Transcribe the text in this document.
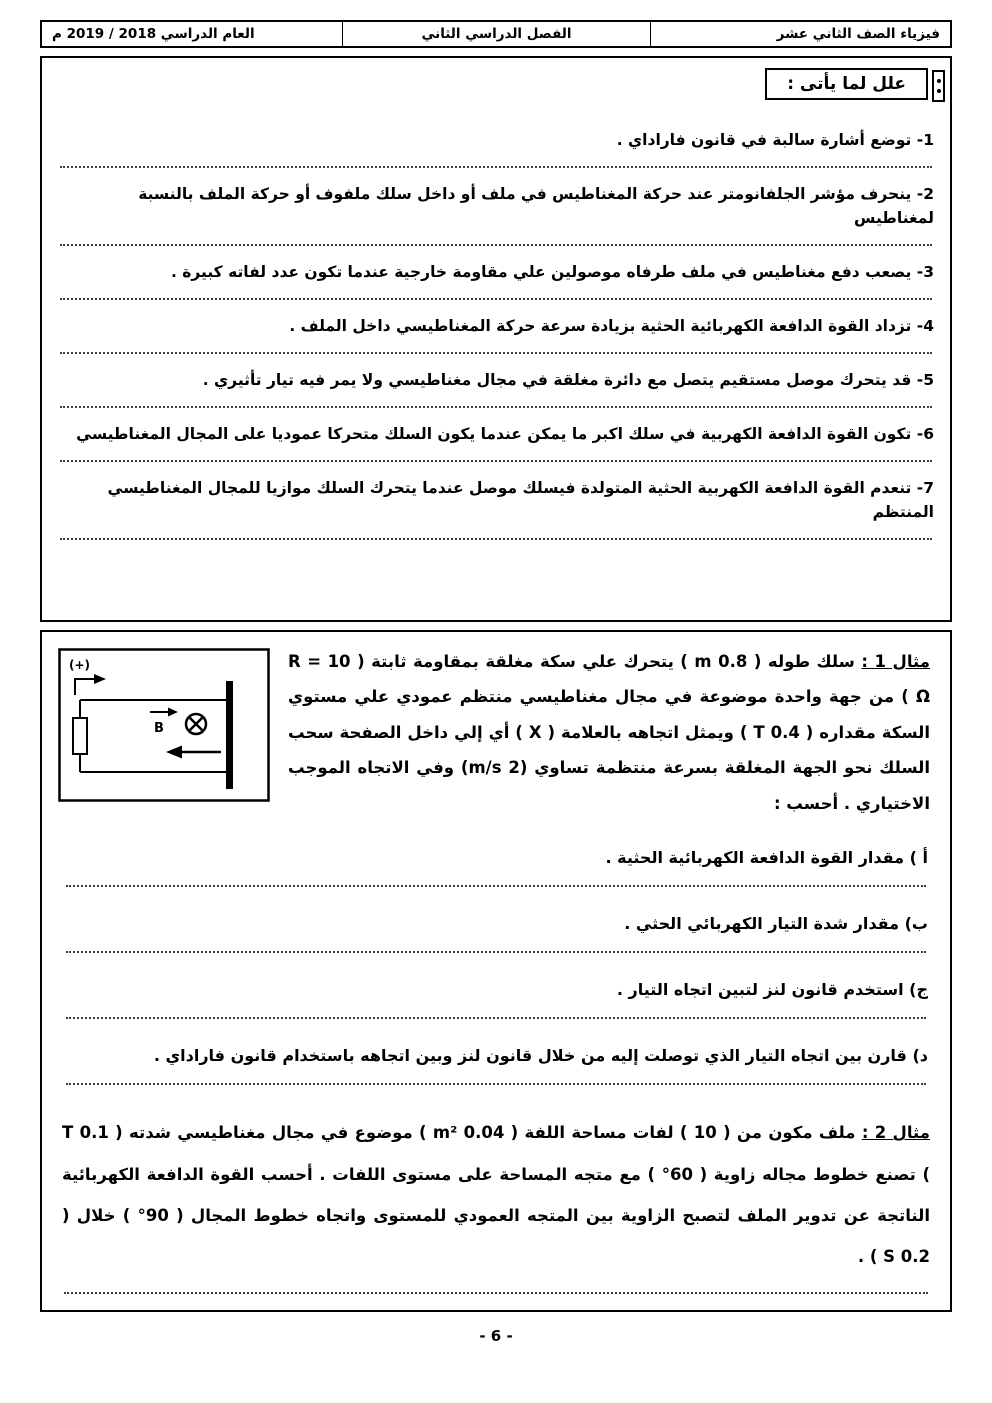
فيزياء الصف الثاني عشر
الفصل الدراسي الثاني
العام الدراسي 2018 / 2019 م
علل لما يأتى :
1- توضع أشارة سالبة في قانون فاراداي .
2- ينحرف مؤشر الجلفانومتر عند حركة المغناطيس في ملف أو داخل سلك ملفوف أو حركة الملف بالنسبة لمغناطيس
3- يصعب دفع مغناطيس في ملف طرفاه موصولين علي مقاومة خارجية عندما تكون عدد لفاته كبيرة .
4- تزداد القوة الدافعة الكهربائية الحثية بزيادة سرعة حركة المغناطيسي داخل الملف .
5- قد يتحرك موصل مستقيم يتصل مع دائرة مغلقة في مجال مغناطيسي ولا يمر فيه تيار تأثيري .
6- تكون القوة الدافعة الكهربية في سلك اكبر ما يمكن عندما يكون السلك متحركا عموديا على المجال المغناطيسي
7- تنعدم القوة الدافعة الكهربية الحثية المتولدة فيسلك موصل عندما يتحرك السلك موازيا للمجال المغناطيسي المنتظم
(+)
B

مثال 1 : سلك طوله ( 0.8 m ) يتحرك علي سكة مغلقة بمقاومة ثابتة ( R = 10 Ω ) من جهة واحدة موضوعة في مجال مغناطيسي منتظم عمودي علي مستوي السكة مقداره ( 0.4 T ) ويمثل اتجاهه بالعلامة ( X ) أي إلي داخل الصفحة سحب السلك نحو الجهة المغلقة بسرعة منتظمة تساوي (2 m/s) وفي الاتجاه الموجب الاختياري . أحسب :

أ ) مقدار القوة الدافعة الكهربائية الحثية .
ب) مقدار شدة التيار الكهربائي الحثي .
ج) استخدم قانون لنز لتبين اتجاه التيار .
د) قارن بين اتجاه التيار الذي توصلت إليه من خلال قانون لنز وبين اتجاهه باستخدام قانون فاراداي .

مثال 2 : ملف مكون من ( 10 ) لفات مساحة اللفة ( 0.04 m² ) موضوع في مجال مغناطيسي شدته ( 0.1 T ) تصنع خطوط مجاله زاوية ( 60° ) مع متجه المساحة على مستوى اللفات . أحسب القوة الدافعة الكهربائية الناتجة عن تدوير الملف لتصبح الزاوية بين المتجه العمودي للمستوى واتجاه خطوط المجال ( 90° ) خلال ( 0.2 S ) .

- 6 -
